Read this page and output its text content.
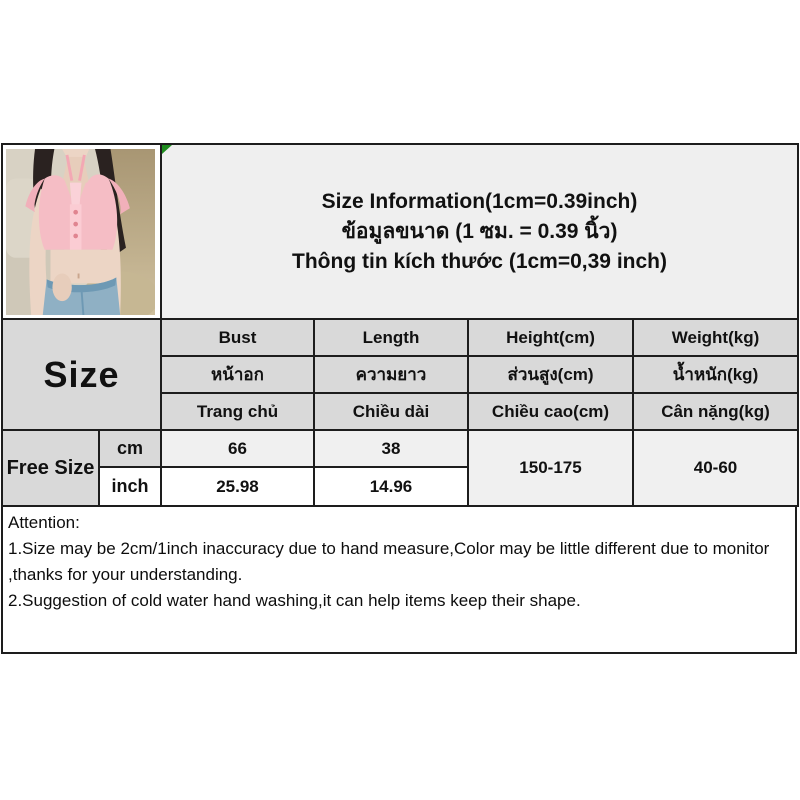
Size Information(1cm=0.39inch)
ข้อมูลขนาด (1 ซม. = 0.39 นิ้ว)
Thông tin kích thước (1cm=0,39 inch)			

Size		Bust	Length	Height(cm)	Weight(kg)
		หน้าอก	ความยาว	ส่วนสูง(cm)	น้ำหนัก(kg)
		Trang chủ	Chiều dài	Chiều cao(cm)	Cân nặng(kg)
Free Size	cm	66	38	150-175	40-60
	inch	25.98	14.96		
Attention:
1.Size may be 2cm/1inch inaccuracy due to hand measure,Color may be little different due to monitor ,thanks for your understanding.
2.Suggestion of cold water hand washing,it can help items keep their shape.
